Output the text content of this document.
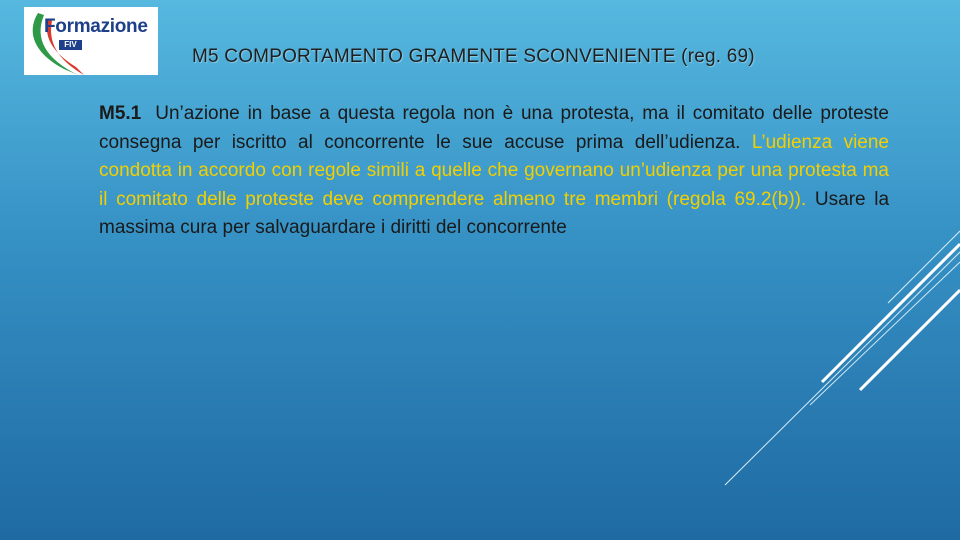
Formazione
FIV
M5 COMPORTAMENTO GRAMENTE SCONVENIENTE (reg. 69)

M5.1 Un’azione in base a questa regola non è una protesta, ma il comitato delle proteste consegna per iscritto al concorrente le sue accuse prima dell’udienza. L’udienza viene condotta in accordo con regole simili a quelle che governano un’udienza per una protesta ma il comitato delle proteste deve comprendere almeno tre membri (regola 69.2(b)). Usare la massima cura per salvaguardare i diritti del concorrente
